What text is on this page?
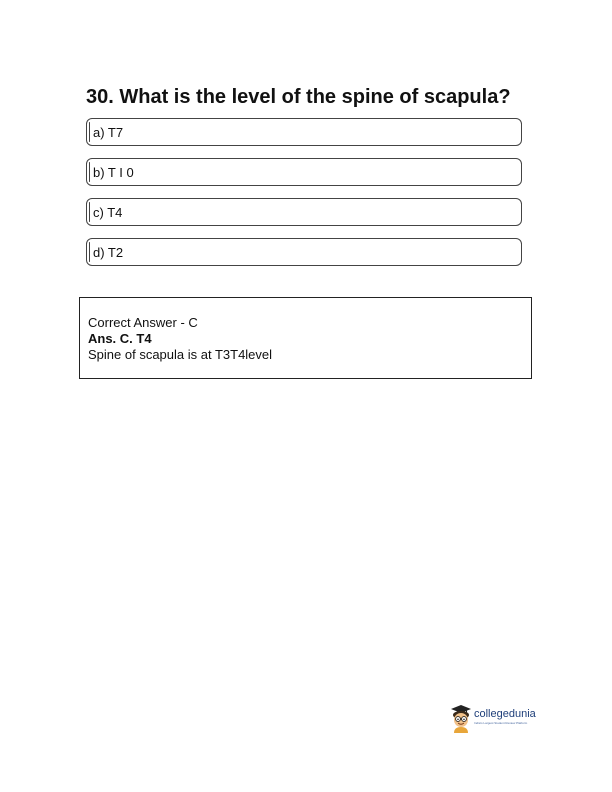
30. What is the level of the spine of scapula?
a) T7
b) T I 0
c) T4
d) T2
Correct Answer - C
Ans. C. T4
Spine of scapula is at T3T4level
collegedunia
India's Largest Student Review Platform
